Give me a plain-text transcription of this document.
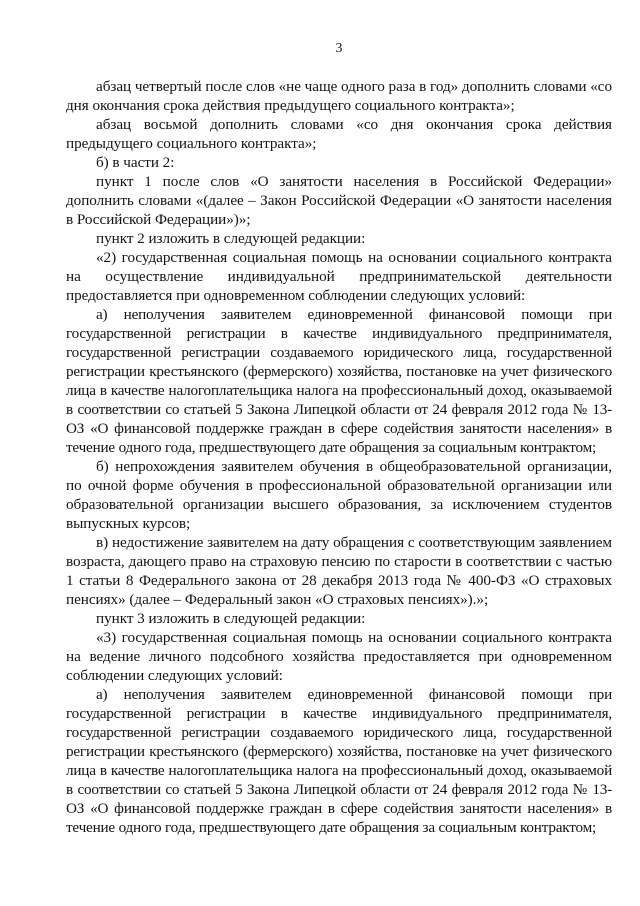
3

абзац четвертый после слов «не чаще одного раза в год» дополнить словами «со дня окончания срока действия предыдущего социального контракта»;

абзац восьмой дополнить словами «со дня окончания срока действия предыдущего социального контракта»;

б) в части 2:

пункт 1 после слов «О занятости населения в Российской Федерации» дополнить словами «(далее – Закон Российской Федерации «О занятости населения в Российской Федерации»)»;

пункт 2 изложить в следующей редакции:

«2) государственная социальная помощь на основании социального контракта на осуществление индивидуальной предпринимательской деятельности предоставляется при одновременном соблюдении следующих условий:

а) неполучения заявителем единовременной финансовой помощи при государственной регистрации в качестве индивидуального предпринимателя, государственной регистрации создаваемого юридического лица, государственной регистрации крестьянского (фермерского) хозяйства, постановке на учет физического лица в качестве налогоплательщика налога на профессиональный доход, оказываемой в соответствии со статьей 5 Закона Липецкой области от 24 февраля 2012 года № 13-ОЗ «О финансовой поддержке граждан в сфере содействия занятости населения» в течение одного года, предшествующего дате обращения за социальным контрактом;

б) непрохождения заявителем обучения в общеобразовательной организации, по очной форме обучения в профессиональной образовательной организации или образовательной организации высшего образования, за исключением студентов выпускных курсов;

в) недостижение заявителем на дату обращения с соответствующим заявлением возраста, дающего право на страховую пенсию по старости в соответствии с частью 1 статьи 8 Федерального закона от 28 декабря 2013 года № 400-ФЗ «О страховых пенсиях» (далее – Федеральный закон «О страховых пенсиях»).»;

пункт 3 изложить в следующей редакции:

«3) государственная социальная помощь на основании социального контракта на ведение личного подсобного хозяйства предоставляется при одновременном соблюдении следующих условий:

а) неполучения заявителем единовременной финансовой помощи при государственной регистрации в качестве индивидуального предпринимателя, государственной регистрации создаваемого юридического лица, государственной регистрации крестьянского (фермерского) хозяйства, постановке на учет физического лица в качестве налогоплательщика налога на профессиональный доход, оказываемой в соответствии со статьей 5 Закона Липецкой области от 24 февраля 2012 года № 13-ОЗ «О финансовой поддержке граждан в сфере содействия занятости населения» в течение одного года, предшествующего дате обращения за социальным контрактом;
